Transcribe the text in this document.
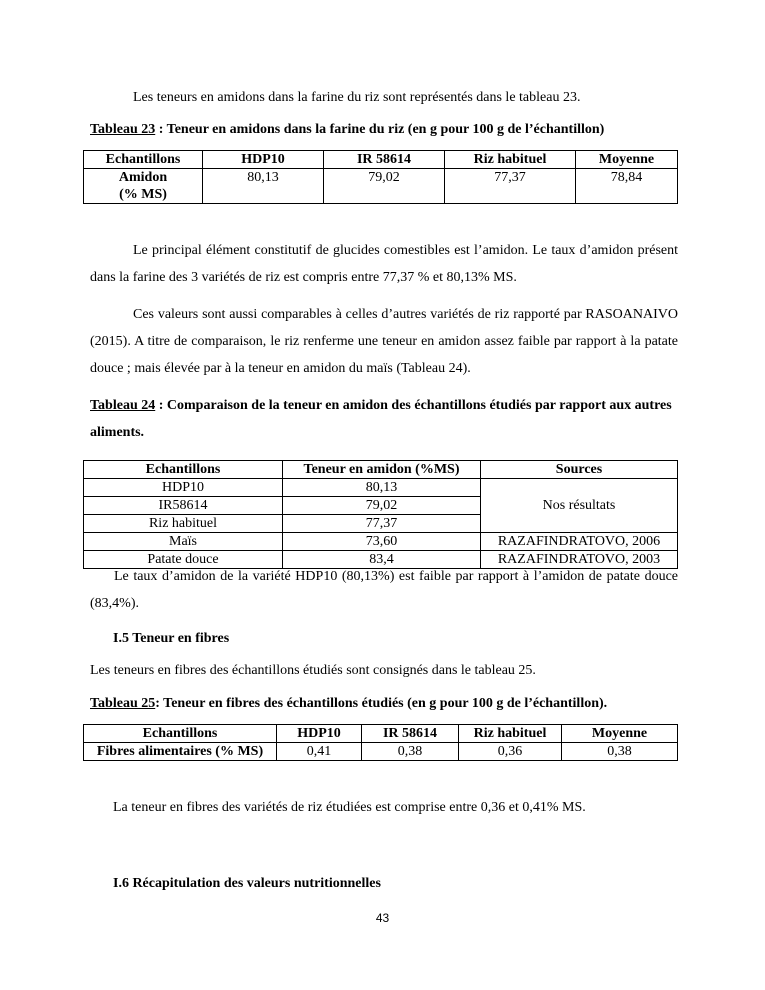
Les teneurs en amidons dans la farine du riz sont représentés dans le tableau 23.

Tableau 23 : Teneur en amidons dans la farine du riz (en g pour 100 g de l’échantillon)

Echantillons	HDP10	IR 58614	Riz habituel	Moyenne
Amidon
(% MS)	80,13	79,02	77,37	78,84

Le principal élément constitutif de glucides comestibles est l’amidon. Le taux d’amidon présent dans la farine des 3 variétés de riz est compris entre 77,37 % et 80,13% MS.

Ces valeurs sont aussi comparables à celles d’autres variétés de riz rapporté par RASOANAIVO (2015). A titre de comparaison, le riz renferme une teneur en amidon assez faible par rapport à la patate douce ; mais élevée par à la teneur en amidon du maïs (Tableau 24).

Tableau 24 : Comparaison de la teneur en amidon des échantillons étudiés par rapport aux autres aliments.

Echantillons	Teneur en amidon (%MS)	Sources
HDP10	80,13	Nos résultats
IR58614	79,02	
Riz habituel	77,37	
Maïs	73,60	RAZAFINDRATOVO, 2006
Patate douce	83,4	RAZAFINDRATOVO, 2003

Le taux d’amidon de la variété HDP10 (80,13%) est faible par rapport à l’amidon de patate douce (83,4%).

I.5 Teneur en fibres

Les teneurs en fibres des échantillons étudiés sont consignés dans le tableau 25.

Tableau 25: Teneur en fibres des échantillons étudiés (en g pour 100 g de l’échantillon).

Echantillons	HDP10	IR 58614	Riz habituel	Moyenne
Fibres alimentaires (% MS)	0,41	0,38	0,36	0,38

La teneur en fibres des variétés de riz étudiées est comprise entre 0,36 et 0,41% MS.

I.6 Récapitulation des valeurs nutritionnelles

43
